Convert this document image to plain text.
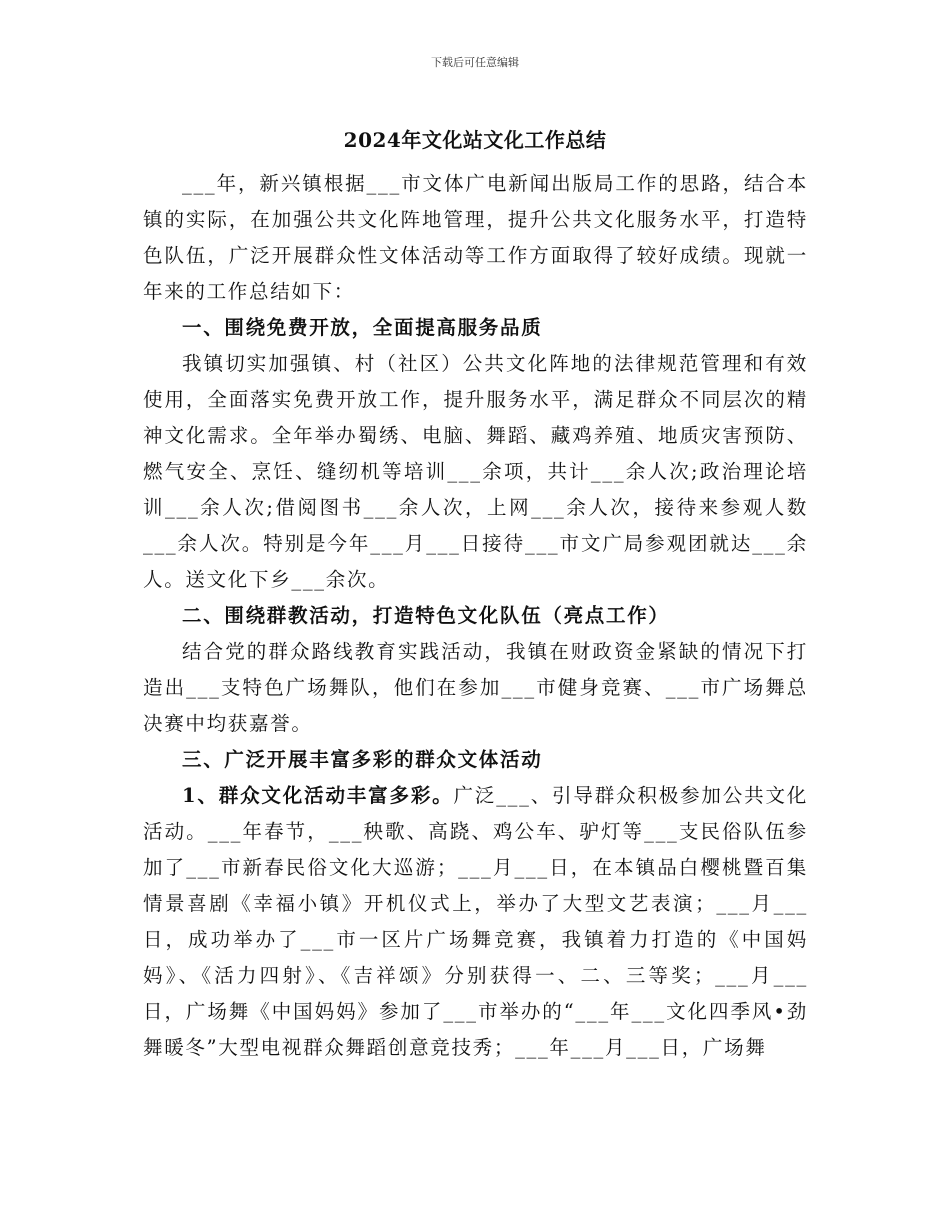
下载后可任意编辑
2024年文化站文化工作总结

___年，新兴镇根据___市文体广电新闻出版局工作的思路，结合本镇的实际，在加强公共文化阵地管理，提升公共文化服务水平，打造特色队伍，广泛开展群众性文体活动等工作方面取得了较好成绩。现就一年来的工作总结如下：

一、围绕免费开放，全面提高服务品质

我镇切实加强镇、村（社区）公共文化阵地的法律规范管理和有效使用，全面落实免费开放工作，提升服务水平，满足群众不同层次的精神文化需求。全年举办蜀绣、电脑、舞蹈、藏鸡养殖、地质灾害预防、燃气安全、烹饪、缝纫机等培训___余项，共计___余人次;政治理论培训___余人次;借阅图书___余人次，上网___余人次，接待来参观人数___余人次。特别是今年___月___日接待___市文广局参观团就达___余人。送文化下乡___余次。

二、围绕群教活动，打造特色文化队伍（亮点工作）

结合党的群众路线教育实践活动，我镇在财政资金紧缺的情况下打造出___支特色广场舞队，他们在参加___市健身竞赛、___市广场舞总决赛中均获嘉誉。

三、广泛开展丰富多彩的群众文体活动

1、群众文化活动丰富多彩。广泛___、引导群众积极参加公共文化活动。___年春节，___秧歌、高跷、鸡公车、驴灯等___支民俗队伍参加了___市新春民俗文化大巡游；___月___日，在本镇品白樱桃暨百集情景喜剧《幸福小镇》开机仪式上，举办了大型文艺表演；___月___日，成功举办了___市一区片广场舞竞赛，我镇着力打造的《中国妈妈》、《活力四射》、《吉祥颂》分别获得一、二、三等奖；___月___日，广场舞《中国妈妈》参加了___市举办的“___年___文化四季风•劲舞暖冬”大型电视群众舞蹈创意竞技秀；___年___月___日，广场舞
